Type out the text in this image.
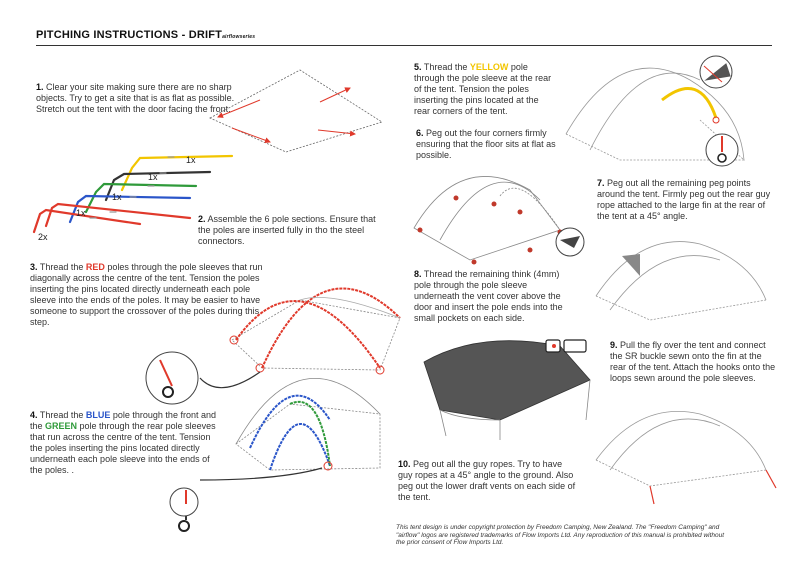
PITCHING INSTRUCTIONS - DRIFTairflowseries
1. Clear your site making sure there are no sharp objects. Try to get a site that is as flat as possible. Stretch out the tent with the door facing the front.
2. Assemble the 6 pole sections. Ensure that the poles are inserted fully in tho the steel connectors.
3. Thread the RED poles through the pole sleeves that run diagonally across the centre of the tent. Tension the poles inserting the pins located directly underneath each pole sleeve into the ends of the poles. It may be easier to have someone to support the crossover of the poles during this step.
4. Thread the BLUE pole through the front and the GREEN pole through the rear pole sleeves that run across the centre of the tent. Tension the poles inserting the pins located directly underneath each pole sleeve into the ends of the poles. .
5. Thread the YELLOW pole through the pole sleeve at the rear of the tent. Tension the poles inserting the pins located at the rear corners of the tent.
6. Peg out the four corners firmly ensuring that the floor sits at flat as possible.
7. Peg out all the remaining peg points around the tent. Firmly peg out the rear guy rope attached to the large fin at the rear of the tent at a 45° angle.
8. Thread the remaining think (4mm) pole through the pole sleeve underneath the vent cover above the door and insert the pole ends into the small pockets on each side.
9. Pull the fly over the tent and connect the SR buckle sewn onto the fin at the rear of the tent. Attach the hooks onto the loops sewn around the pole sleeves.
10. Peg out all the guy ropes. Try to have guy ropes at a 45° angle to the ground. Also peg out the lower draft vents on each side of the tent.
This tent design is under copyright protection by Freedom Camping, New Zealand. The "Freedom Camping" and "airflow" logos are registered trademarks of Flow Imports Ltd. Any reproduction of this manual is prohibited without the prior consent of Flow Imports Ltd.
1x
1x
1x
1x
2x
